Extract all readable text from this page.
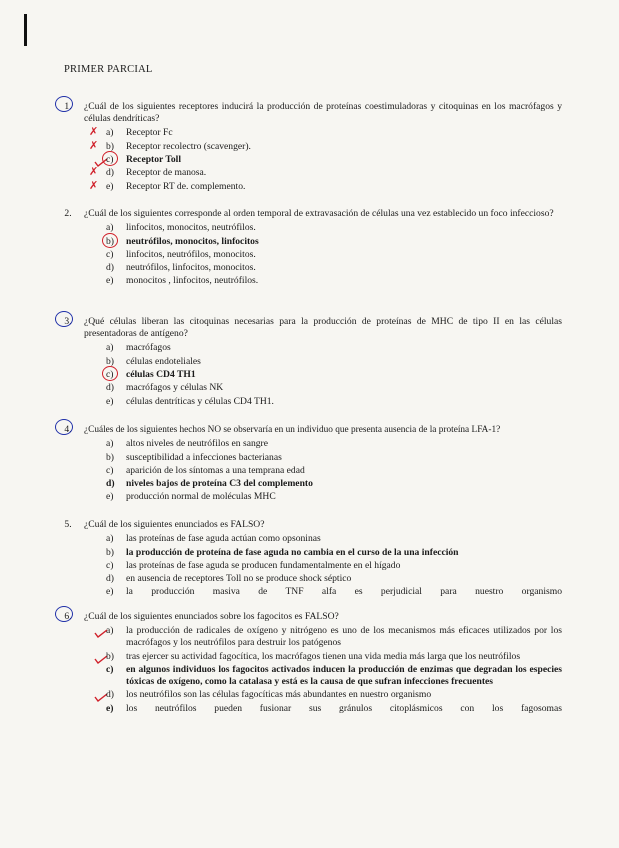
PRIMER PARCIAL
1.	¿Cuál de los siguientes receptores inducirá la producción de proteínas coestimuladoras y citoquinas en los macrófagos y células dendríticas?
✗ a)	Receptor Fc
✗ b)	Receptor recolectro (scavenger).
c)	Receptor Toll
✗ d)	Receptor de manosa.
✗ e)	Receptor RT de. complemento.
2.	¿Cuál de los siguientes corresponde al orden temporal de extravasación de células una vez establecido un foco infeccioso?
a)	linfocitos, monocitos, neutrófilos.
b)	neutrófilos, monocitos, linfocitos
c)	linfocitos, neutrófilos, monocitos.
d)	neutrófilos, linfocitos, monocitos.
e)	monocitos , linfocitos, neutrófilos.
3.	¿Qué células liberan las citoquinas necesarias para la producción de proteínas de MHC de tipo II en las células presentadoras de antígeno?
a)	macrófagos
b)	células endoteliales
c)	células CD4 TH1
d)	macrófagos y células NK
e)	células dentríticas y células CD4 TH1.
4.	¿Cuáles de los siguientes hechos NO se observaría en un individuo que presenta ausencia de la proteína LFA-1?
a)	altos niveles de neutrófilos en sangre
b)	susceptibilidad a infecciones bacterianas
c)	aparición de los síntomas a una temprana edad
d)	niveles bajos de proteína C3 del complemento
e)	producción normal de moléculas MHC
5.	¿Cuál de los siguientes enunciados es FALSO?
a)	las proteínas de fase aguda actúan como opsoninas
b)	la producción de proteína de fase aguda no cambia en el curso de la una infección
c)	las proteínas de fase aguda se producen fundamentalmente en el hígado
d)	en ausencia de receptores Toll no se produce shock séptico
e)	la producción masiva de TNF alfa es perjudicial para nuestro organismo
6.	¿Cuál de los siguientes enunciados sobre los fagocitos es FALSO?
a)	la producción de radicales de oxígeno y nitrógeno es uno de los mecanismos más eficaces utilizados por los macrófagos y los neutrófilos para destruir los patógenos
b)	tras ejercer su actividad fagocítica, los macrófagos tienen una vida media más larga que los neutrófilos
c)	en algunos individuos los fagocitos activados inducen la producción de enzimas que degradan los especies tóxicas de oxígeno, como la catalasa y está es la causa de que sufran infecciones frecuentes
d)	los neutrófilos son las células fagocíticas más abundantes en nuestro organismo
e)	los neutrófilos pueden fusionar sus gránulos citoplásmicos con los fagosomas
